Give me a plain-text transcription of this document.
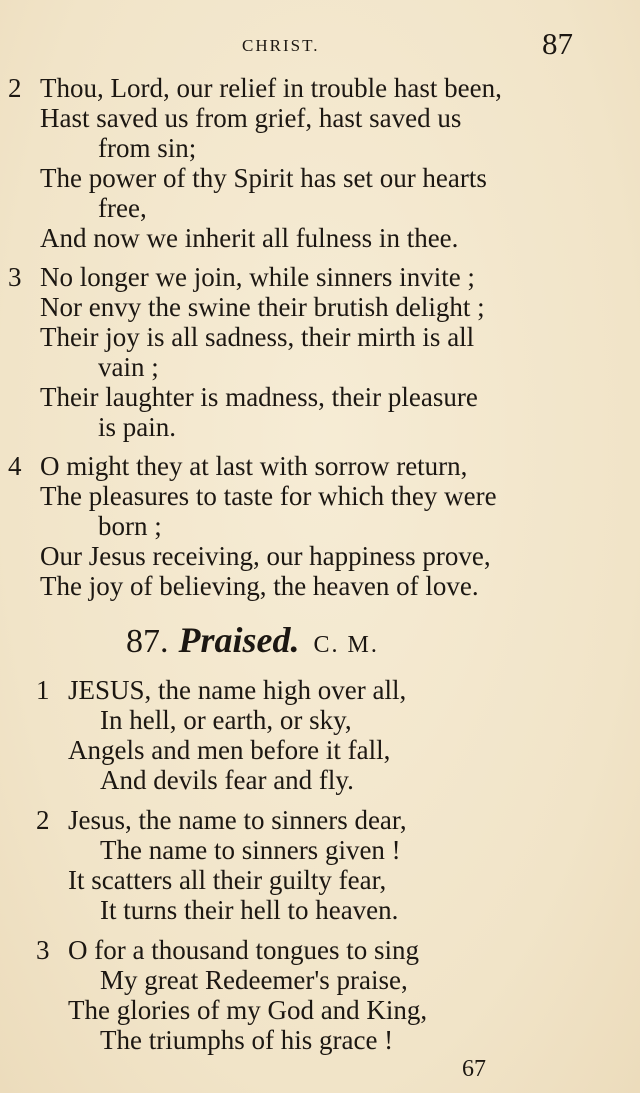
CHRIST.	87
2 Thou, Lord, our relief in trouble hast been,
Hast saved us from grief, hast saved us
from sin;
The power of thy Spirit has set our hearts
free,
And now we inherit all fulness in thee.
3 No longer we join, while sinners invite ;
Nor envy the swine their brutish delight ;
Their joy is all sadness, their mirth is all
vain ;
Their laughter is madness, their pleasure
is pain.
4 O might they at last with sorrow return,
The pleasures to taste for which they were
born ;
Our Jesus receiving, our happiness prove,
The joy of believing, the heaven of love.
87. Praised. C. M.
1 JESUS, the name high over all,
In hell, or earth, or sky,
Angels and men before it fall,
And devils fear and fly.
2 Jesus, the name to sinners dear,
The name to sinners given !
It scatters all their guilty fear,
It turns their hell to heaven.
3 O for a thousand tongues to sing
My great Redeemer's praise,
The glories of my God and King,
The triumphs of his grace !
67
